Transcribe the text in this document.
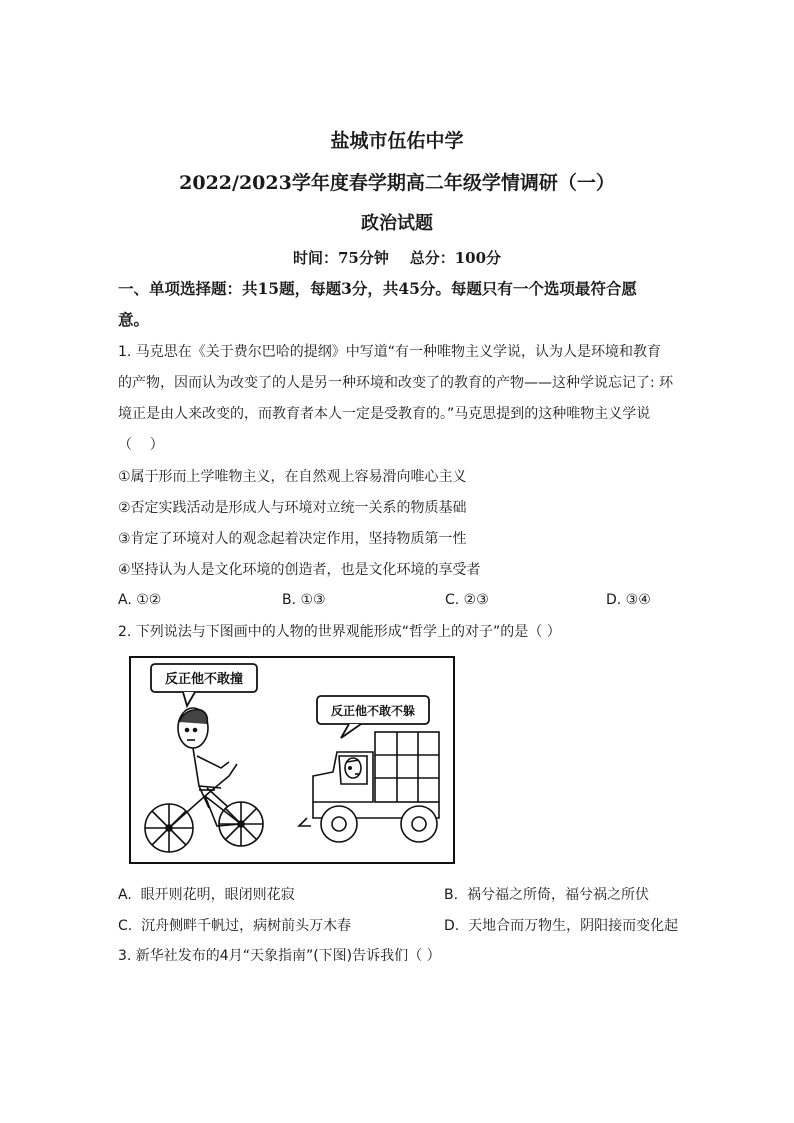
盐城市伍佑中学
2022/2023学年度春学期高二年级学情调研（一）
政治试题
时间：75分钟    总分：100分
一、单项选择题：共15题，每题3分，共45分。每题只有一个选项最符合愿
意。
1. 马克思在《关于费尔巴哈的提纲》中写道“有一种唯物主义学说，认为人是环境和教育
的产物，因而认为改变了的人是另一种环境和改变了的教育的产物——这种学说忘记了: 环
境正是由人来改变的，而教育者本人一定是受教育的。”马克思提到的这种唯物主义学说
（    ）
①属于形而上学唯物主义，在自然观上容易滑向唯心主义
②否定实践活动是形成人与环境对立统一关系的物质基础
③肯定了环境对人的观念起着决定作用，坚持物质第一性
④坚持认为人是文化环境的创造者，也是文化环境的享受者
A. ①②	B. ①③	C. ②③	D. ③④
2. 下列说法与下图画中的人物的世界观能形成“哲学上的对子”的是（ ）
反正他不敢撞
反正他不敢不躲
A.  眼开则花明，眼闭则花寂	B.  祸兮福之所倚，福兮祸之所伏
C.  沉舟侧畔千帆过，病树前头万木春	D.  天地合而万物生，阴阳接而变化起
3. 新华社发布的4月“天象指南”(下图)告诉我们（ ）
